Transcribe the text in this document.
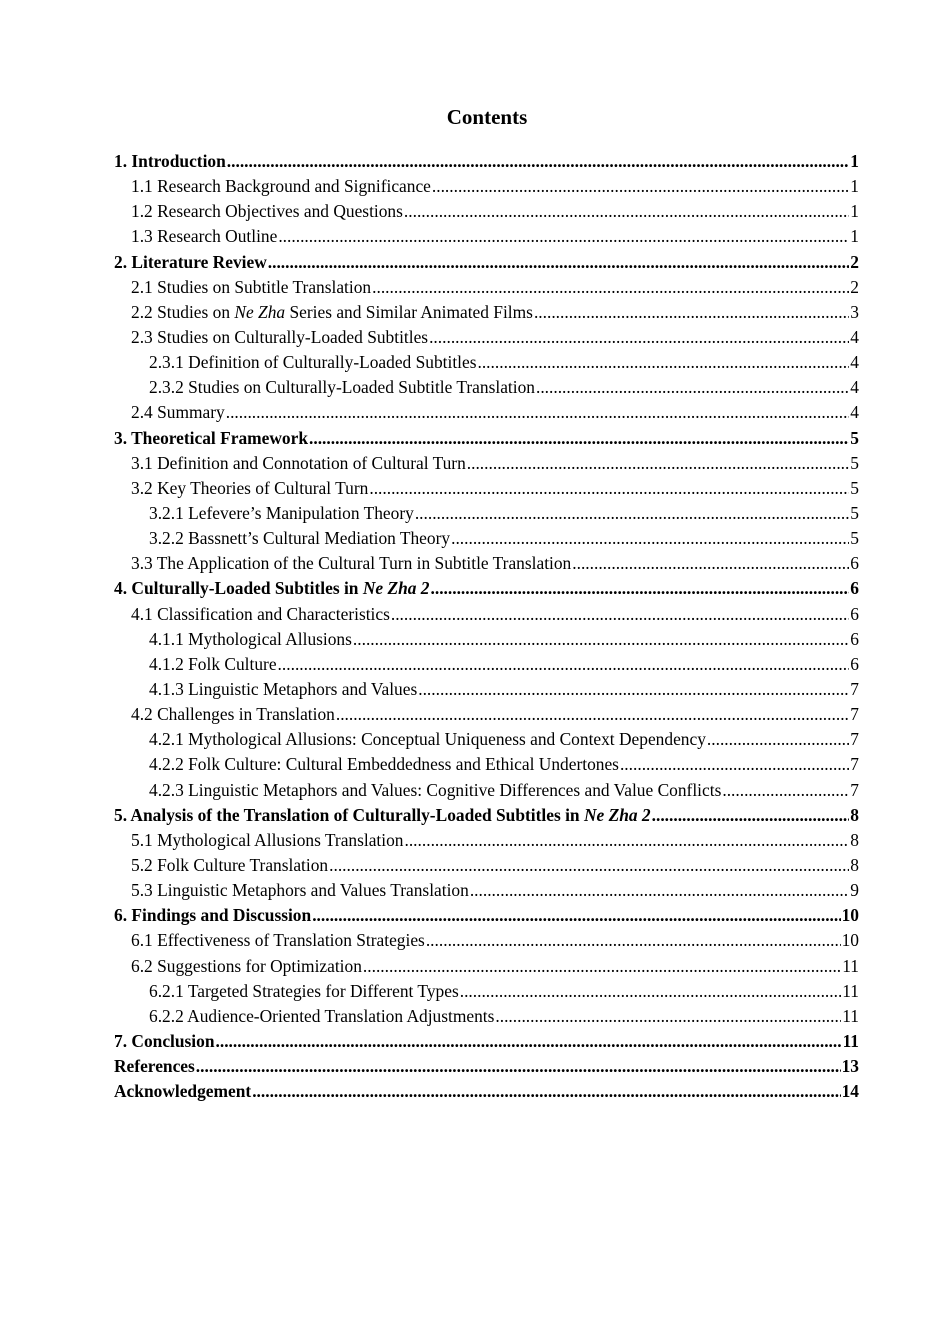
Contents
1. Introduction .....	1
1.1 Research Background and Significance .....	1
1.2 Research Objectives and Questions .....	1
1.3 Research Outline .....	1
2. Literature Review .....	2
2.1 Studies on Subtitle Translation .....	2
2.2 Studies on Ne Zha Series and Similar Animated Films .....	3
2.3 Studies on Culturally-Loaded Subtitles .....	4
2.3.1 Definition of Culturally-Loaded Subtitles .....	4
2.3.2 Studies on Culturally-Loaded Subtitle Translation .....	4
2.4 Summary .....	4
3. Theoretical Framework .....	5
3.1 Definition and Connotation of Cultural Turn .....	5
3.2 Key Theories of Cultural Turn .....	5
3.2.1 Lefevere’s Manipulation Theory .....	5
3.2.2 Bassnett’s Cultural Mediation Theory .....	5
3.3 The Application of the Cultural Turn in Subtitle Translation .....	6
4. Culturally-Loaded Subtitles in Ne Zha 2 .....	6
4.1 Classification and Characteristics .....	6
4.1.1 Mythological Allusions .....	6
4.1.2 Folk Culture .....	6
4.1.3 Linguistic Metaphors and Values .....	7
4.2 Challenges in Translation .....	7
4.2.1 Mythological Allusions: Conceptual Uniqueness and Context Dependency .....	7
4.2.2 Folk Culture: Cultural Embeddedness and Ethical Undertones .....	7
4.2.3 Linguistic Metaphors and Values: Cognitive Differences and Value Conflicts .....	7
5. Analysis of the Translation of Culturally-Loaded Subtitles in Ne Zha 2 .....	8
5.1 Mythological Allusions Translation .....	8
5.2 Folk Culture Translation .....	8
5.3 Linguistic Metaphors and Values Translation .....	9
6. Findings and Discussion .....	10
6.1 Effectiveness of Translation Strategies .....	10
6.2 Suggestions for Optimization .....	11
6.2.1 Targeted Strategies for Different Types .....	11
6.2.2 Audience-Oriented Translation Adjustments .....	11
7. Conclusion .....	11
References .....	13
Acknowledgement .....	14
